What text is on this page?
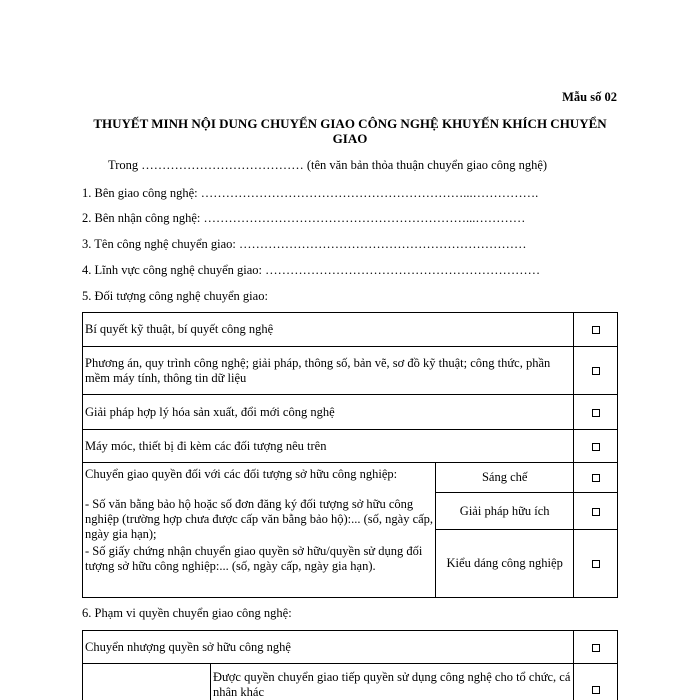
Mẫu số 02
THUYẾT MINH NỘI DUNG CHUYỂN GIAO CÔNG NGHỆ KHUYẾN KHÍCH CHUYỂN GIAO
Trong ………………………………… (tên văn bản thỏa thuận chuyển giao công nghệ)
1. Bên giao công nghệ: ………………………………………………………...…………….
2. Bên nhận công nghệ: ………………………………………………………...…………
3. Tên công nghệ chuyển giao: ……………………………………………………………
4. Lĩnh vực công nghệ chuyển giao: …………………………………………………………
5. Đối tượng công nghệ chuyển giao:
Bí quyết kỹ thuật, bí quyết công nghệ		
Phương án, quy trình công nghệ; giải pháp, thông số, bản vẽ, sơ đồ kỹ thuật; công thức, phần mềm máy tính, thông tin dữ liệu		
Giải pháp hợp lý hóa sản xuất, đổi mới công nghệ		
Máy móc, thiết bị đi kèm các đối tượng nêu trên		

Chuyển giao quyền đối với các đối tượng sở hữu công nghiệp:
- Số văn bằng bảo hộ hoặc số đơn đăng ký đối tượng sở hữu công nghiệp (trường hợp chưa được cấp văn bằng bảo hộ):... (số, ngày cấp, ngày gia hạn);
- Số giấy chứng nhận chuyển giao quyền sở hữu/quyền sử dụng đối tượng sở hữu công nghiệp:... (số, ngày cấp, ngày gia hạn).	Sáng chế	
	Giải pháp hữu ích	
	Kiểu dáng công nghiệp	
6. Phạm vi quyền chuyển giao công nghệ:
Chuyển nhượng quyền sở hữu công nghệ		
	Được quyền chuyển giao tiếp quyền sử dụng công nghệ cho tổ chức, cá nhân khác	
